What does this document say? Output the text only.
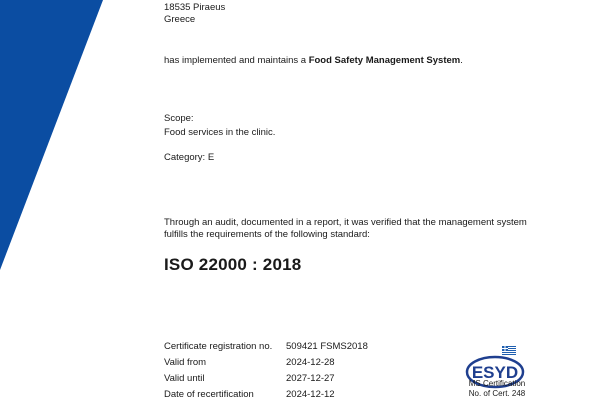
18535 Piraeus
Greece
has implemented and maintains a Food Safety Management System.
Scope:
Food services in the clinic.
Category: E
Through an audit, documented in a report, it was verified that the management system
fulfills the requirements of the following standard:
ISO 22000 : 2018
Certificate registration no.	509421 FSMS2018
Valid from	2024-12-28
Valid until	2027-12-27
Date of recertification	2024-12-12
ESYD
MS Certification
No. of Cert. 248
